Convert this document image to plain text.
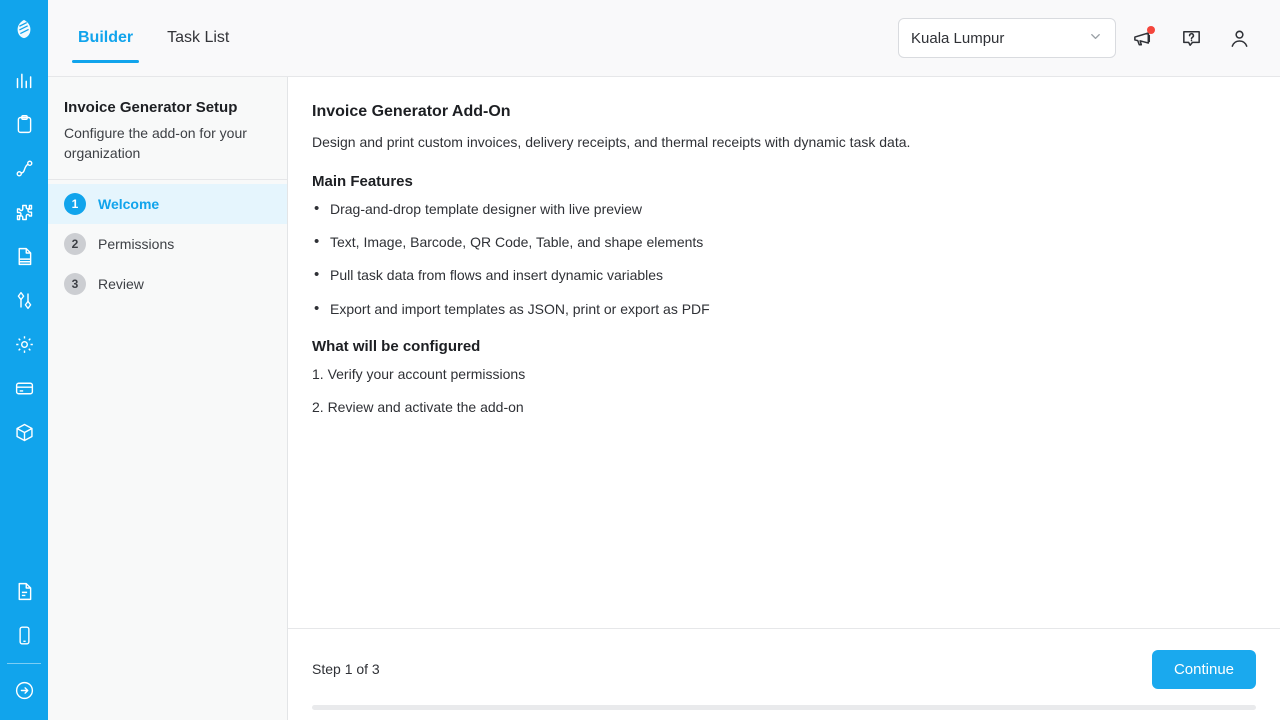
Builder Task List	Kuala Lumpur
Invoice Generator Setup
Configure the add-on for your organization
1	Welcome
2	Permissions
3	Review
Invoice Generator Add-On
Design and print custom invoices, delivery receipts, and thermal receipts with dynamic task data.
Main Features
• Drag-and-drop template designer with live preview
• Text, Image, Barcode, QR Code, Table, and shape elements
• Pull task data from flows and insert dynamic variables
• Export and import templates as JSON, print or export as PDF
What will be configured
1. Verify your account permissions
2. Review and activate the add-on
Step 1 of 3	Continue
